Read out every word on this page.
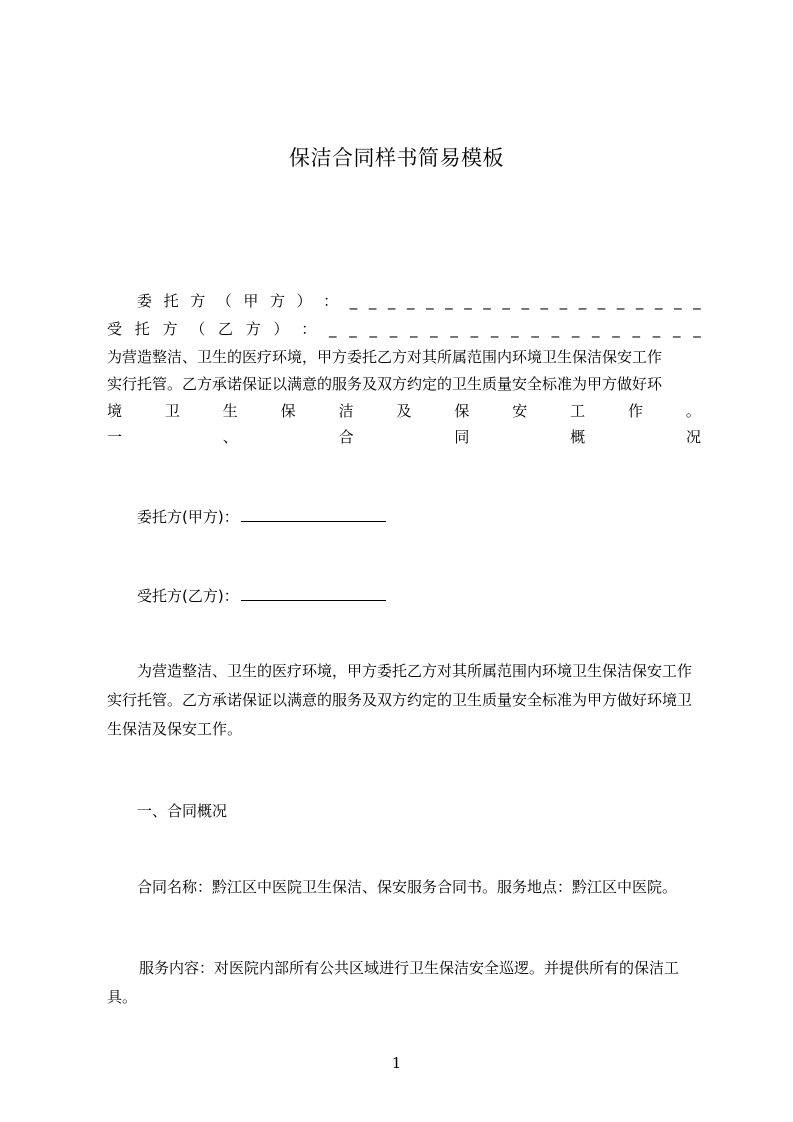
保洁合同样书简易模板
委 托 方 （ 甲 方 ） ： _ _ _ _ _ _ _ _ _ _ _ _ _ _ _ _ _ _ _
受 托 方 （ 乙 方 ） ： _ _ _ _ _ _ _ _ _ _ _ _ _ _ _ _ _ _ _
为营造整洁、卫生的医疗环境，甲方委托乙方对其所属范围内环境卫生保洁保安工作
实行托管。乙方承诺保证以满意的服务及双方约定的卫生质量安全标准为甲方做好环
境	卫	生	保	洁	及	保	安	工	作	。
一	、	合	同	概	况
委托方(甲方)：
受托方(乙方)：

为营造整洁、卫生的医疗环境，甲方委托乙方对其所属范围内环境卫生保洁保安工作实行托管。乙方承诺保证以满意的服务及双方约定的卫生质量安全标准为甲方做好环境卫生保洁及保安工作。

一、合同概况

合同名称：黔江区中医院卫生保洁、保安服务合同书。服务地点：黔江区中医院。

服务内容：对医院内部所有公共区域进行卫生保洁安全巡逻。并提供所有的保洁工具。

1
